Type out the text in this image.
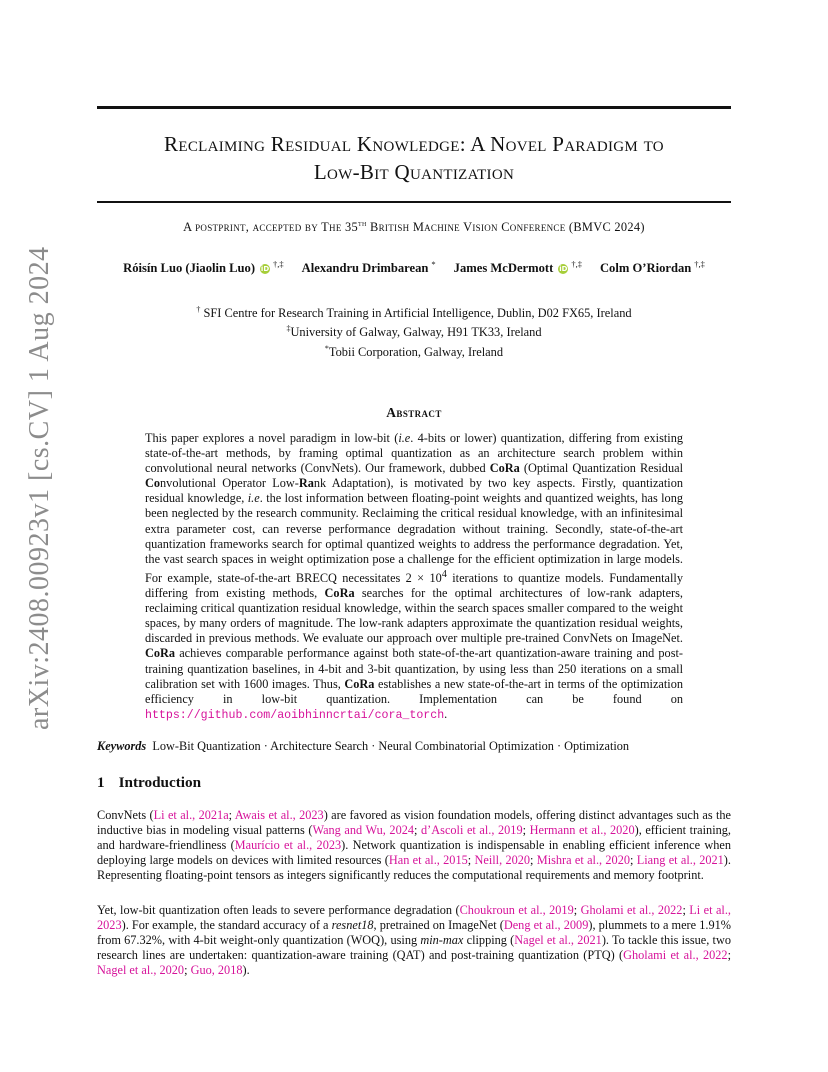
arXiv:2408.00923v1 [cs.CV] 1 Aug 2024
Reclaiming Residual Knowledge: A Novel Paradigm to
Low-Bit Quantization
A postprint, accepted by The 35th British Machine Vision Conference (BMVC 2024)
Róisín Luo (Jiaolin Luo) iD †,‡ Alexandru Drimbarean * James McDermott iD †,‡ Colm O’Riordan †,‡
† SFI Centre for Research Training in Artificial Intelligence, Dublin, D02 FX65, Ireland
‡University of Galway, Galway, H91 TK33, Ireland
*Tobii Corporation, Galway, Ireland
Abstract

This paper explores a novel paradigm in low-bit (i.e. 4-bits or lower) quantization, differing from existing state-of-the-art methods, by framing optimal quantization as an architecture search problem within convolutional neural networks (ConvNets). Our framework, dubbed CoRa (Optimal Quantization Residual Convolutional Operator Low-Rank Adaptation), is motivated by two key aspects. Firstly, quantization residual knowledge, i.e. the lost information between floating-point weights and quantized weights, has long been neglected by the research community. Reclaiming the critical residual knowledge, with an infinitesimal extra parameter cost, can reverse performance degradation without training. Secondly, state-of-the-art quantization frameworks search for optimal quantized weights to address the performance degradation. Yet, the vast search spaces in weight optimization pose a challenge for the efficient optimization in large models. For example, state-of-the-art BRECQ necessitates $2 \times 10^4$ iterations to quantize models. Fundamentally differing from existing methods, CoRa searches for the optimal architectures of low-rank adapters, reclaiming critical quantization residual knowledge, within the search spaces smaller compared to the weight spaces, by many orders of magnitude. The low-rank adapters approximate the quantization residual weights, discarded in previous methods. We evaluate our approach over multiple pre-trained ConvNets on ImageNet. CoRa achieves comparable performance against both state-of-the-art quantization-aware training and post-training quantization baselines, in 4-bit and 3-bit quantization, by using less than 250 iterations on a small calibration set with 1600 images. Thus, CoRa establishes a new state-of-the-art in terms of the optimization efficiency in low-bit quantization. Implementation can be found on https://github.com/aoibhinncrtai/cora_torch.

Keywords Low-Bit Quantization · Architecture Search · Neural Combinatorial Optimization · Optimization
1 Introduction

ConvNets (Li et al., 2021a; Awais et al., 2023) are favored as vision foundation models, offering distinct advantages such as the inductive bias in modeling visual patterns (Wang and Wu, 2024; d’Ascoli et al., 2019; Hermann et al., 2020), efficient training, and hardware-friendliness (Maurício et al., 2023). Network quantization is indispensable in enabling efficient inference when deploying large models on devices with limited resources (Han et al., 2015; Neill, 2020; Mishra et al., 2020; Liang et al., 2021). Representing floating-point tensors as integers significantly reduces the computational requirements and memory footprint.

Yet, low-bit quantization often leads to severe performance degradation (Choukroun et al., 2019; Gholami et al., 2022; Li et al., 2023). For example, the standard accuracy of a resnet18, pretrained on ImageNet (Deng et al., 2009), plummets to a mere 1.91% from 67.32%, with 4-bit weight-only quantization (WOQ), using min-max clipping (Nagel et al., 2021). To tackle this issue, two research lines are undertaken: quantization-aware training (QAT) and post-training quantization (PTQ) (Gholami et al., 2022; Nagel et al., 2020; Guo, 2018).
